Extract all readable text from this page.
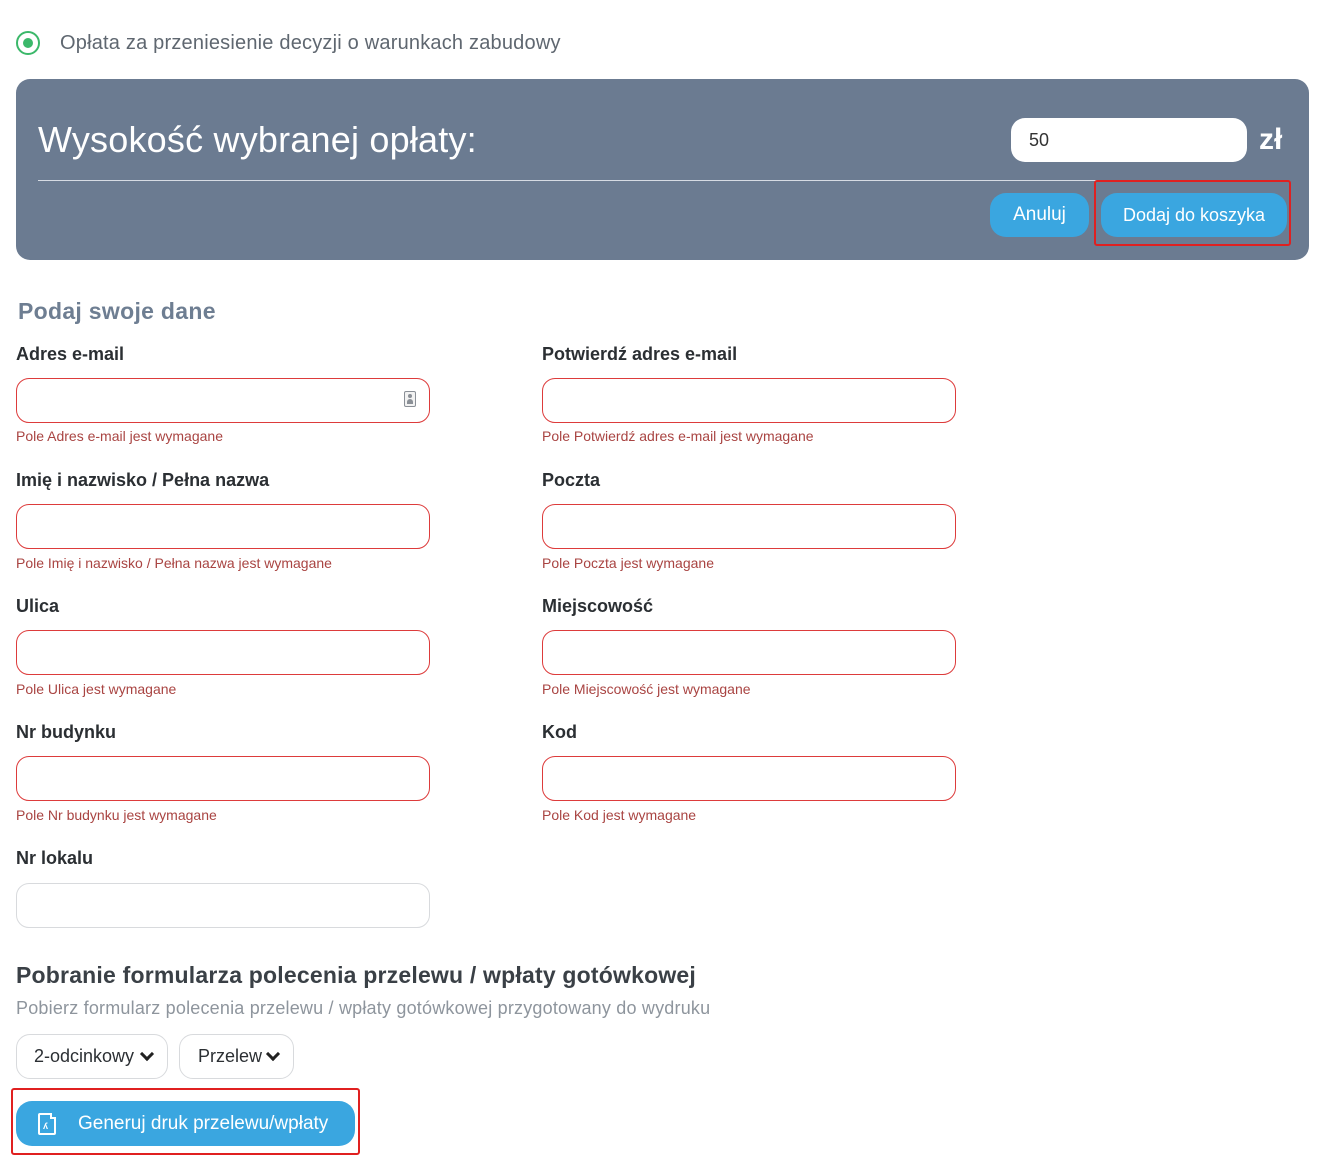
Opłata za przeniesienie decyzji o warunkach zabudowy
Wysokość wybranej opłaty:
50	zł
Anuluj	Dodaj do koszyka
Podaj swoje dane
Adres e-mail
Pole Adres e-mail jest wymagane
Potwierdź adres e-mail
Pole Potwierdź adres e-mail jest wymagane
Imię i nazwisko / Pełna nazwa
Pole Imię i nazwisko / Pełna nazwa jest wymagane
Poczta
Pole Poczta jest wymagane
Ulica
Pole Ulica jest wymagane
Miejscowość
Pole Miejscowość jest wymagane
Nr budynku
Pole Nr budynku jest wymagane
Kod
Pole Kod jest wymagane
Nr lokalu
Pobranie formularza polecenia przelewu / wpłaty gotówkowej
Pobierz formularz polecenia przelewu / wpłaty gotówkowej przygotowany do wydruku
2-odcinkowy	Przelew
ʎ Generuj druk przelewu/wpłaty
